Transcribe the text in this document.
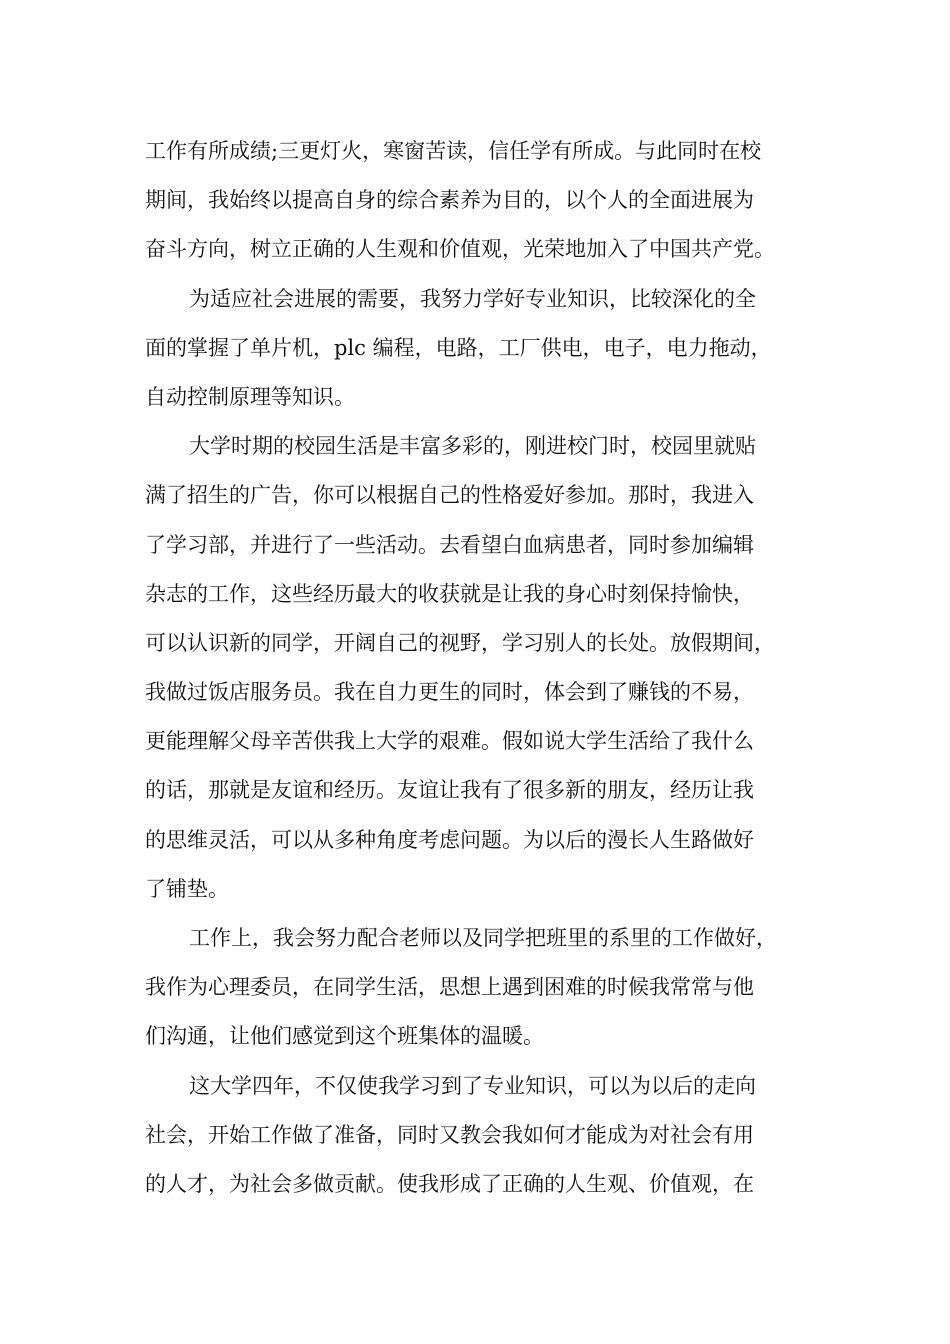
工作有所成绩;三更灯火，寒窗苦读，信任学有所成。与此同时在校
期间，我始终以提高自身的综合素养为目的，以个人的全面进展为
奋斗方向，树立正确的人生观和价值观，光荣地加入了中国共产党。
为适应社会进展的需要，我努力学好专业知识，比较深化的全
面的掌握了单片机，plc 编程，电路，工厂供电，电子，电力拖动，
自动控制原理等知识。
大学时期的校园生活是丰富多彩的，刚进校门时，校园里就贴
满了招生的广告，你可以根据自己的性格爱好参加。那时，我进入
了学习部，并进行了一些活动。去看望白血病患者，同时参加编辑
杂志的工作，这些经历最大的收获就是让我的身心时刻保持愉快，
可以认识新的同学，开阔自己的视野，学习别人的长处。放假期间，
我做过饭店服务员。我在自力更生的同时，体会到了赚钱的不易，
更能理解父母辛苦供我上大学的艰难。假如说大学生活给了我什么
的话，那就是友谊和经历。友谊让我有了很多新的朋友，经历让我
的思维灵活，可以从多种角度考虑问题。为以后的漫长人生路做好
了铺垫。
工作上，我会努力配合老师以及同学把班里的系里的工作做好，
我作为心理委员，在同学生活，思想上遇到困难的时候我常常与他
们沟通，让他们感觉到这个班集体的温暖。
这大学四年，不仅使我学习到了专业知识，可以为以后的走向
社会，开始工作做了准备，同时又教会我如何才能成为对社会有用
的人才，为社会多做贡献。使我形成了正确的人生观、价值观，在
